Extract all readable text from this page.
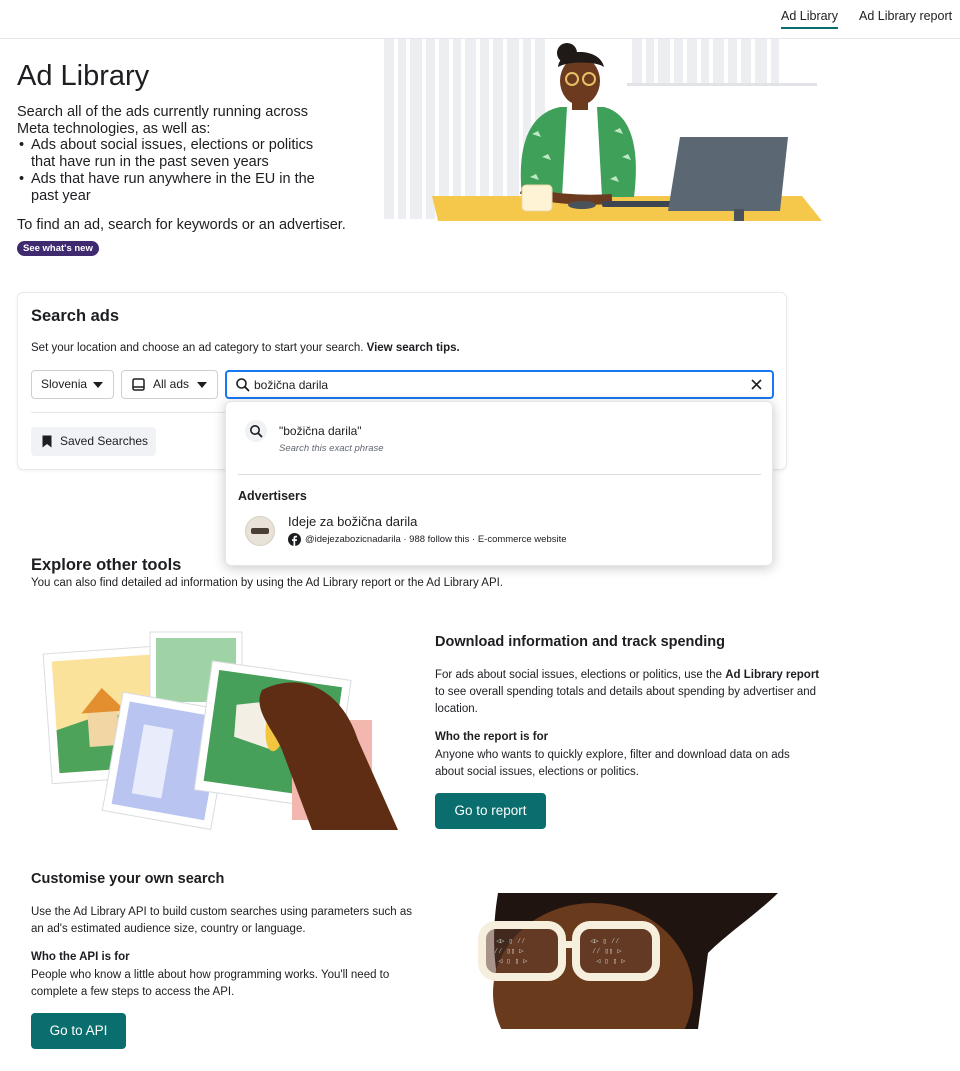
Ad Library Ad Library report
Ad Library

Search all of the ads currently running across Meta technologies, as well as:

• Ads about social issues, elections or politics that have run in the past seven years
• Ads that have run anywhere in the EU in the past year

To find an ad, search for keywords or an advertiser.

See what's new
Search ads

Set your location and choose an ad category to start your search. View search tips.

Slovenia	All ads
božična darila
Saved Searches
"božična darila"
Search this exact phrase
Advertisers
Ideje za božična darila
@idejezabozicnadarila · 988 follow this · E-commerce website
Explore other tools

You can also find detailed ad information by using the Ad Library report or the Ad Library API.

Download information and track spending

For ads about social issues, elections or politics, use the Ad Library report to see overall spending totals and details about spending by advertiser and location.

Who the report is for

Anyone who wants to quickly explore, filter and download data on ads about social issues, elections or politics.

Go to report
Customise your own search

Use the Ad Library API to build custom searches using parameters such as an ad's estimated audience size, country or language.

Who the API is for

People who know a little about how programming works. You'll need to complete a few steps to access the API.

Go to API
◁▷ ▯ ⁄⁄
⁄⁄ ▯▯ ▷
◁ ▯ ▯ ▷
◁▷ ▯ ⁄⁄
⁄⁄ ▯▯ ▷
◁ ▯ ▯ ▷
